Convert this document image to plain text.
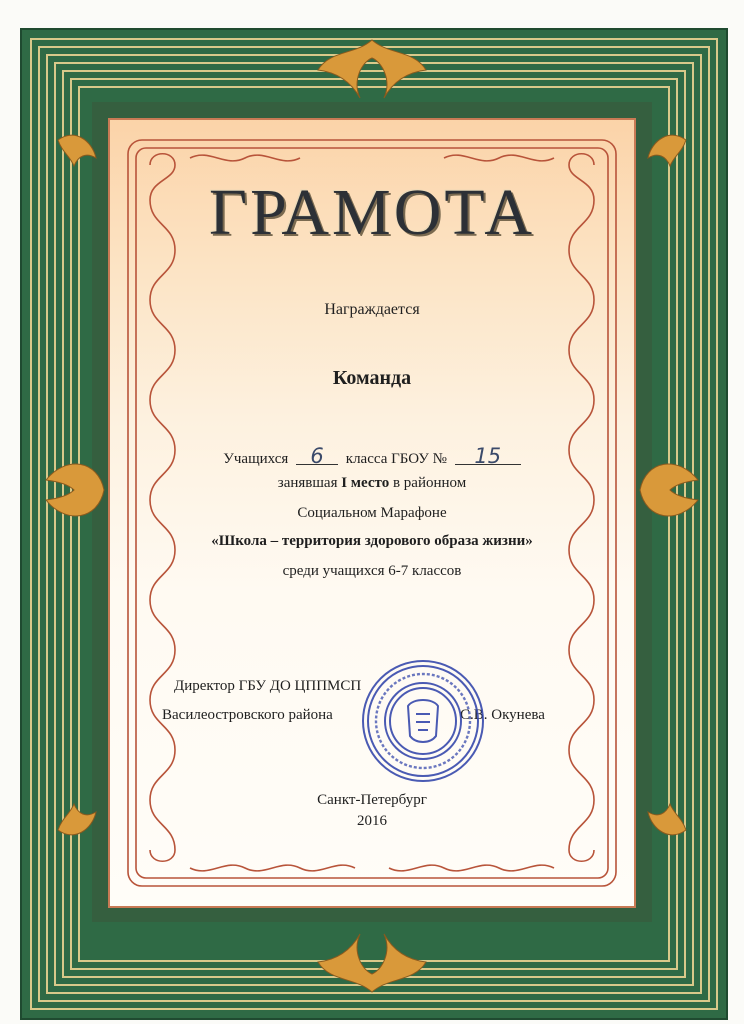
ГРАМОТА
Награждается
Команда
Учащихся 6 класса ГБОУ № 15
занявшая I место в районном
Социальном Марафоне
«Школа – территория здорового образа жизни»
среди учащихся 6-7 классов
Директор ГБУ ДО ЦППМСП
Василеостровского района	С.В. Окунева
Санкт-Петербург
2016
